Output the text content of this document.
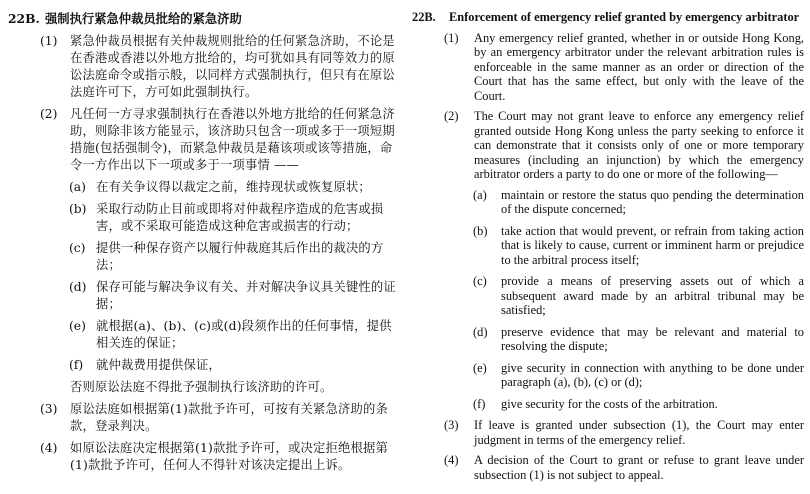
22B. 强制执行紧急仲裁员批给的紧急济助
(1) 紧急仲裁员根据有关仲裁规则批给的任何紧急济助，不论是在香港或香港以外地方批给的，均可犹如具有同等效力的原讼法庭命令或指示般，以同样方式强制执行，但只有在原讼法庭许可下，方可如此强制执行。
(2) 凡任何一方寻求强制执行在香港以外地方批给的任何紧急济助，则除非该方能显示，该济助只包含一项或多于一项短期措施(包括强制令)，而紧急仲裁员是藉该项或该等措施，命令一方作出以下一项或多于一项事情 ——
(a) 在有关争议得以裁定之前，维持现状或恢复原状；
(b) 采取行动防止目前或即将对仲裁程序造成的危害或损害，或不采取可能造成这种危害或损害的行动；
(c) 提供一种保存资产以履行仲裁庭其后作出的裁决的方法；
(d) 保存可能与解决争议有关、并对解决争议具关键性的证据；
(e) 就根据(a)、(b)、(c)或(d)段须作出的任何事情，提供相关连的保证；
(f) 就仲裁费用提供保证，
否则原讼法庭不得批予强制执行该济助的许可。
(3) 原讼法庭如根据第(1)款批予许可，可按有关紧急济助的条款，登录判决。
(4) 如原讼法庭决定根据第(1)款批予许可，或决定拒绝根据第(1)款批予许可，任何人不得针对该决定提出上诉。
22B.	Enforcement of emergency relief granted by emergency arbitrator
(1) Any emergency relief granted, whether in or outside Hong Kong, by an emergency arbitrator under the relevant arbitration rules is enforceable in the same manner as an order or direction of the Court that has the same effect, but only with the leave of the Court.
(2) The Court may not grant leave to enforce any emergency relief granted outside Hong Kong unless the party seeking to enforce it can demonstrate that it consists only of one or more temporary measures (including an injunction) by which the emergency arbitrator orders a party to do one or more of the following—
(a) maintain or restore the status quo pending the determination of the dispute concerned;
(b) take action that would prevent, or refrain from taking action that is likely to cause, current or imminent harm or prejudice to the arbitral process itself;
(c) provide a means of preserving assets out of which a subsequent award made by an arbitral tribunal may be satisfied;
(d) preserve evidence that may be relevant and material to resolving the dispute;
(e) give security in connection with anything to be done under paragraph (a), (b), (c) or (d);
(f) give security for the costs of the arbitration.
(3) If leave is granted under subsection (1), the Court may enter judgment in terms of the emergency relief.
(4) A decision of the Court to grant or refuse to grant leave under subsection (1) is not subject to appeal.
